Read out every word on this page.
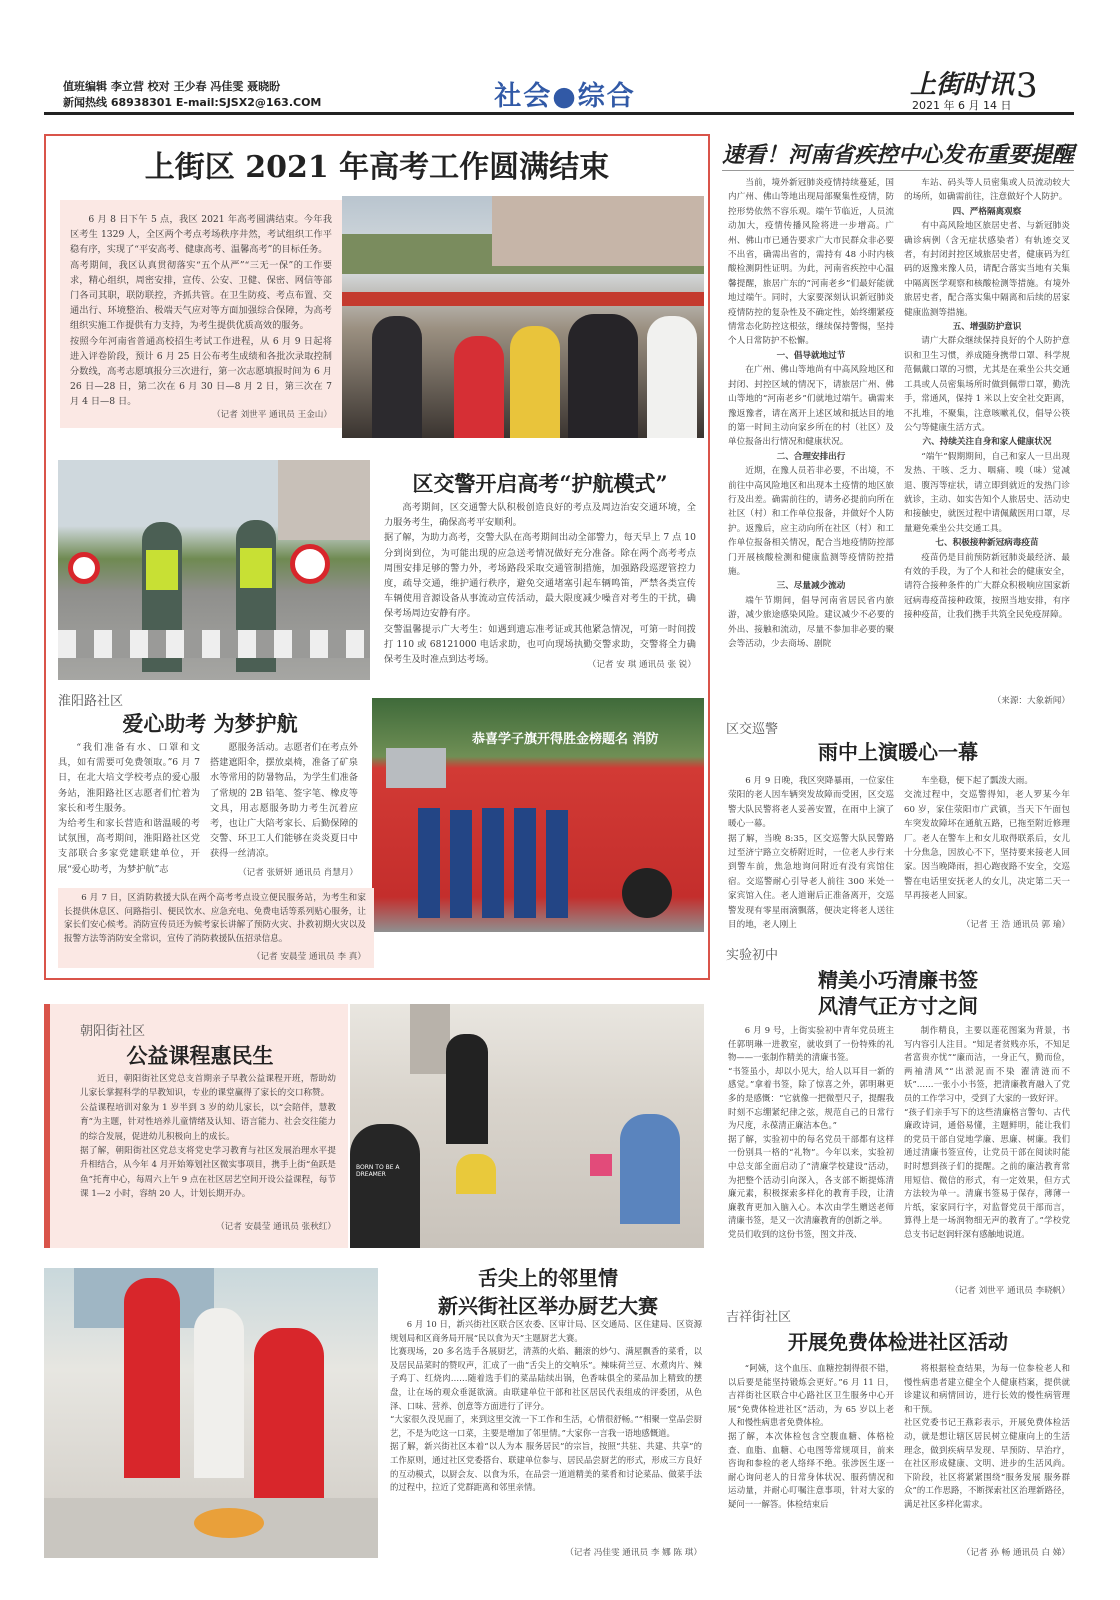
值班编辑 李立营 校对 王少春 冯佳雯 聂晓盼
新闻热线 68938301 E-mail:SJSX2@163.COM	社会●综合	上街时讯 3
2021 年 6 月 14 日
上街区 2021 年高考工作圆满结束
6 月 8 日下午 5 点，我区 2021 年高考圆满结束。今年我区考生 1329 人，全区两个考点考场秩序井然，考试组织工作平稳有序，实现了“平安高考、健康高考、温馨高考”的目标任务。
高考期间，我区认真贯彻落实“五个从严”“三无一保”的工作要求，精心组织，周密安排，宣传、公安、卫健、保密、网信等部门各司其职，联防联控，齐抓共管。在卫生防疫、考点布置、交通出行、环境整治、极端天气应对等方面加强综合保障，为高考组织实施工作提供有力支持，为考生提供优质高效的服务。
按照今年河南省普通高校招生考试工作进程，从 6 月 9 日起将进入评卷阶段，预计 6 月 25 日公布考生成绩和各批次录取控制分数线，高考志愿填报分三次进行，第一次志愿填报时间为 6 月 26 日—28 日，第二次在 6 月 30 日—8 月 2 日，第三次在 7 月 4 日—8 日。
（记者 刘世平 通讯员 王金山）
区交警开启高考“护航模式”
高考期间，区交通警大队积极创造良好的考点及周边治安交通环境，全力服务考生，确保高考平安顺利。
据了解，为助力高考，交警大队在高考期间出动全部警力，每天早上 7 点 10 分到岗到位，为可能出现的应急送考情况做好充分准备。除在两个高考考点周围安排足够的警力外，考场路段采取交通管制措施，加强路段巡逻管控力度，疏导交通，维护通行秩序，避免交通堵塞引起车辆鸣笛，严禁各类宣传车辆使用音源设备从事流动宣传活动，最大限度减少噪音对考生的干扰，确保考场周边安静有序。
交警温馨提示广大考生：如遇到遗忘准考证或其他紧急情况，可第一时间拨打 110 或 68121000 电话求助，也可向现场执勤交警求助，交警将全力确保考生及时准点到达考场。	（记者 安 琪 通讯员 张 锐）
淮阳路社区
爱心助考 为梦护航
“我们准备有水、口罩和文具，如有需要可免费领取。”6 月 7 日，在北大培文学校考点的爱心服务站，淮阳路社区志愿者们忙着为家长和考生服务。
为给考生和家长营造和谐温暖的考试氛围，高考期间，淮阳路社区党支部联合多家党建联建单位，开展“爱心助考，为梦护航”志
愿服务活动。志愿者们在考点外搭建遮阳伞，摆放桌椅，准备了矿泉水等常用的防暑物品，为学生们准备了常规的 2B 铅笔、签字笔、橡皮等文具，用志愿服务助力考生沉着应考，也让广大陪考家长、后勤保障的交警、环卫工人们能够在炎炎夏日中获得一丝清凉。
（记者 张妍妍 通讯员 肖慧月）
恭喜学子旗开得胜金榜题名 消防
6 月 7 日，区消防救援大队在两个高考考点设立便民服务站，为考生和家长提供休息区、问路指引、便民饮水、应急充电、免费电话等系列贴心服务，让家长们安心候考。消防宣传员还为候考家长讲解了预防火灾、扑救初期火灾以及报警方法等消防安全常识，宣传了消防救援队伍招录信息。
（记者 安晨莹 通讯员 李 真）
朝阳街社区
公益课程惠民生
近日，朝阳街社区党总支首期亲子早教公益课程开班，帮助幼儿家长掌握科学的早教知识，专业的课堂赢得了家长的交口称赞。
公益课程培训对象为 1 岁半到 3 岁的幼儿家长，以“会陪伴，慧教育”为主题，针对性培养儿童情绪及认知、语言能力、社会交往能力的综合发展，促进幼儿积极向上的成长。
据了解，朝阳街社区党总支将党史学习教育与社区发展治理水平提升相结合，从今年 4 月开始筹划社区微实事项目，携手上街“鱼跃是鱼”托育中心，每周六上午 9 点在社区居艺空间开设公益课程，每节课 1—2 小时，容纳 20 人，计划长期开办。
（记者 安晨莹 通讯员 张秋红）
BORN TO BE A DREAMER
舌尖上的邻里情
新兴街社区举办厨艺大赛
6 月 10 日，新兴街社区联合区农委、区审计局、区交通局、区住建局、区资源规划局和区商务局开展“民以食为天”主题厨艺大赛。
比赛现场，20 多名选手各展厨艺，清蒸的火焰、翻滚的炒勺、满屋飘香的菜肴，以及居民品菜时的赞叹声，汇成了一曲“舌尖上的交响乐”。辣味荷兰豆、水煮肉片、辣子鸡丁、红烧肉……随着选手们的菜品陆续出锅，色香味俱全的菜品加上精致的摆盘，让在场的观众垂涎欲滴。由联建单位干部和社区居民代表组成的评委团，从色泽、口味、营养、创意等方面进行了评分。
“大家很久没见面了，来到这里交流一下工作和生活，心情很舒畅。”“相聚一堂品尝厨艺，不是为吃这一口菜，主要是增加了邻里情。”大家你一言我一语地感慨道。
据了解，新兴街社区本着“以人为本 服务居民”的宗旨，按照“共驻、共建、共享”的工作原则，通过社区党委搭台、联建单位参与、居民品尝厨艺的形式，形成三方良好的互动模式，以厨会友、以食为乐，在品尝一道道精美的菜肴和讨论菜品、做菜手法的过程中，拉近了党群距离和邻里亲情。
（记者 冯佳雯 通讯员 李 娜 陈 琪）
速看！河南省疾控中心发布重要提醒
当前，境外新冠肺炎疫情持续蔓延，国内广州、佛山等地出现局部聚集性疫情，防控形势依然不容乐观。端午节临近，人员流动加大，疫情传播风险将进一步增高。广州、佛山市已通告要求广大市民群众非必要不出省，确需出省的，需持有 48 小时内核酸检测阴性证明。为此，河南省疾控中心温馨提醒，旅居广东的“河南老乡”们最好能就地过端午。同时，大家要深刻认识新冠肺炎疫情防控的复杂性及不确定性，始终绷紧疫情常态化防控这根弦，继续保持警惕，坚持个人日常防护不松懈。
一、倡导就地过节
在广州、佛山等地尚有中高风险地区和封闭、封控区域的情况下，请旅居广州、佛山等地的“河南老乡”们就地过端午。确需来豫返豫者，请在离开上述区域和抵达目的地的第一时间主动向家乡所在的村（社区）及单位报备出行情况和健康状况。
二、合理安排出行
近期，在豫人员若非必要，不出境，不前往中高风险地区和出现本土疫情的地区旅行及出差。确需前往的，请务必提前向所在社区（村）和工作单位报备，并做好个人防护。返豫后，应主动向所在社区（村）和工作单位报备相关情况，配合当地疫情防控部门开展核酸检测和健康监测等疫情防控措施。
三、尽量减少流动
端午节期间，倡导河南省居民省内旅游，减少旅途感染风险。建议减少不必要的外出、接触和流动，尽量不参加非必要的聚会等活动，少去商场、剧院
车站、码头等人员密集或人员流动较大的场所，如确需前往，注意做好个人防护。
四、严格隔离观察
有中高风险地区旅居史者、与新冠肺炎确诊病例（含无症状感染者）有轨迹交叉者，有封闭封控区域旅居史者，健康码为红码的返豫来豫人员，请配合落实当地有关集中隔离医学观察和核酸检测等措施。有境外旅居史者，配合落实集中隔离和后续的居家健康监测等措施。
五、增强防护意识
请广大群众继续保持良好的个人防护意识和卫生习惯，养成随身携带口罩、科学规范佩戴口罩的习惯，尤其是在乘坐公共交通工具或人员密集场所时做到佩带口罩，勤洗手，常通风，保持 1 米以上安全社交距离，不扎堆，不聚集，注意咳嗽礼仪，倡导公筷公勺等健康生活方式。
六、持续关注自身和家人健康状况
“端午”假期期间，自己和家人一旦出现发热、干咳、乏力、咽痛、嗅（味）觉减退、腹泻等症状，请立即到就近的发热门诊就诊，主动、如实告知个人旅居史、活动史和接触史，就医过程中请佩戴医用口罩，尽量避免乘坐公共交通工具。
七、积极接种新冠病毒疫苗
疫苗仍是目前预防新冠肺炎最经济、最有效的手段，为了个人和社会的健康安全，请符合接种条件的广大群众积极响应国家新冠病毒疫苗接种政策，按照当地安排，有序接种疫苗，让我们携手共筑全民免疫屏障。
（来源：大象新闻）
区交巡警
雨中上演暖心一幕
6 月 9 日晚，我区突降暴雨，一位家住荥阳的老人因车辆突发故障而受困，区交巡警大队民警将老人妥善安置，在雨中上演了暖心一幕。
据了解，当晚 8:35，区交巡警大队民警路过至济宁路立交桥附近时，一位老人步行来到警车前，焦急地询问附近有没有宾馆住宿。交巡警耐心引导老人前往 300 米处一家宾馆入住。老人道谢后正准备离开，交巡警发现有零星雨滴飘落，便决定将老人送往目的地，老人刚上
车坐稳，便下起了瓢泼大雨。
交流过程中，交巡警得知，老人罗某今年 60 岁，家住荥阳市广武镇，当天下午面包车突发故障坏在通航五路，已拖至附近修理厂。老人在警车上和女儿取得联系后，女儿十分焦急，因放心不下，坚持要来接老人回家。因当晚降雨，担心跑夜路不安全，交巡警在电话里安抚老人的女儿，决定第二天一早再接老人回家。
（记者 王 浩 通讯员 郭 瑜）
实验初中
精美小巧清廉书签
风清气正方寸之间
6 月 9 号，上街实验初中青年党员班主任郭明琳一进教室，就收到了一份特殊的礼物——一张制作精美的清廉书签。
“书签虽小，却以小见大，给人以耳目一新的感觉。”拿着书签，除了惊喜之外，郭明琳更多的是感慨：“它就像一把微型尺子，提醒我时刻不忘绷紧纪律之弦，规范自己的日常行为尺度，永葆清正廉洁本色。”
据了解，实验初中的每名党员干部都有这样一份别具一格的“礼物”。今年以来，实验初中总支部全面启动了“清廉学校建设”活动，为把整个活动引向深入，各支部不断提炼清廉元素，积极探索多样化的教育手段，让清廉教育更加入脑入心。本次由学生赠送老师清廉书签，是又一次清廉教育的创新之举。
党员们收到的这份书签，图文并茂、
制作精良，主要以莲花图案为背景，书写内容引人注目。“知足者贫贱亦乐，不知足者富贵亦忧”“廉而洁，一身正气，勤而俭，两袖清风”“出淤泥而不染 濯清涟而不妖”……一张小小书签，把清廉教育融入了党员的工作学习中，受到了大家的一致好评。
“孩子们亲手写下的这些清廉格言警句、古代廉政诗词，通俗易懂，主题鲜明，能让我们的党员干部自觉地学廉、思廉、树廉。我们通过清廉书签宣传，让党员干部在阅读时能时时想到孩子们的提醒。之前的廉洁教育常用短信、微信的形式，有一定效果，但方式方法较为单一。清廉书签易于保存，薄薄一片纸，家家同行字，对监督党员干部而言，算得上是一场润物细无声的教育了。”学校党总支书记赵润轩深有感触地说道。
（记者 刘世平 通讯员 李晓帆）
吉祥街社区
开展免费体检进社区活动
“阿姨，这个血压、血糖控制得很不错，以后要是能坚持锻炼会更好。”6 月 11 日，吉祥街社区联合中心路社区卫生服务中心开展“免费体检进社区”活动，为 65 岁以上老人和慢性病患者免费体检。
据了解，本次体检包含空腹血糖、体格检查、血脂、血糖、心电图等常规项目，前来咨询和参检的老人络绎不绝。张涉医生逐一耐心询问老人的日常身体状况、服药情况和运动量，并耐心叮嘱注意事项，针对大家的疑问一一解答。体检结束后
将根据检查结果，为每一位参检老人和慢性病患者建立健全个人健康档案，提供就诊建议和病情回访，进行长效的慢性病管理和干预。
社区党委书记王燕彩表示，开展免费体检活动，就是想让辖区居民树立健康向上的生活理念，做到疾病早发现、早预防、早治疗，在社区形成健康、文明、进步的生活风尚。下阶段，社区将紧紧围绕“服务发展 服务群众”的工作思路，不断探索社区治理新路径，满足社区多样化需求。
（记者 孙 畅 通讯员 白 娣）
